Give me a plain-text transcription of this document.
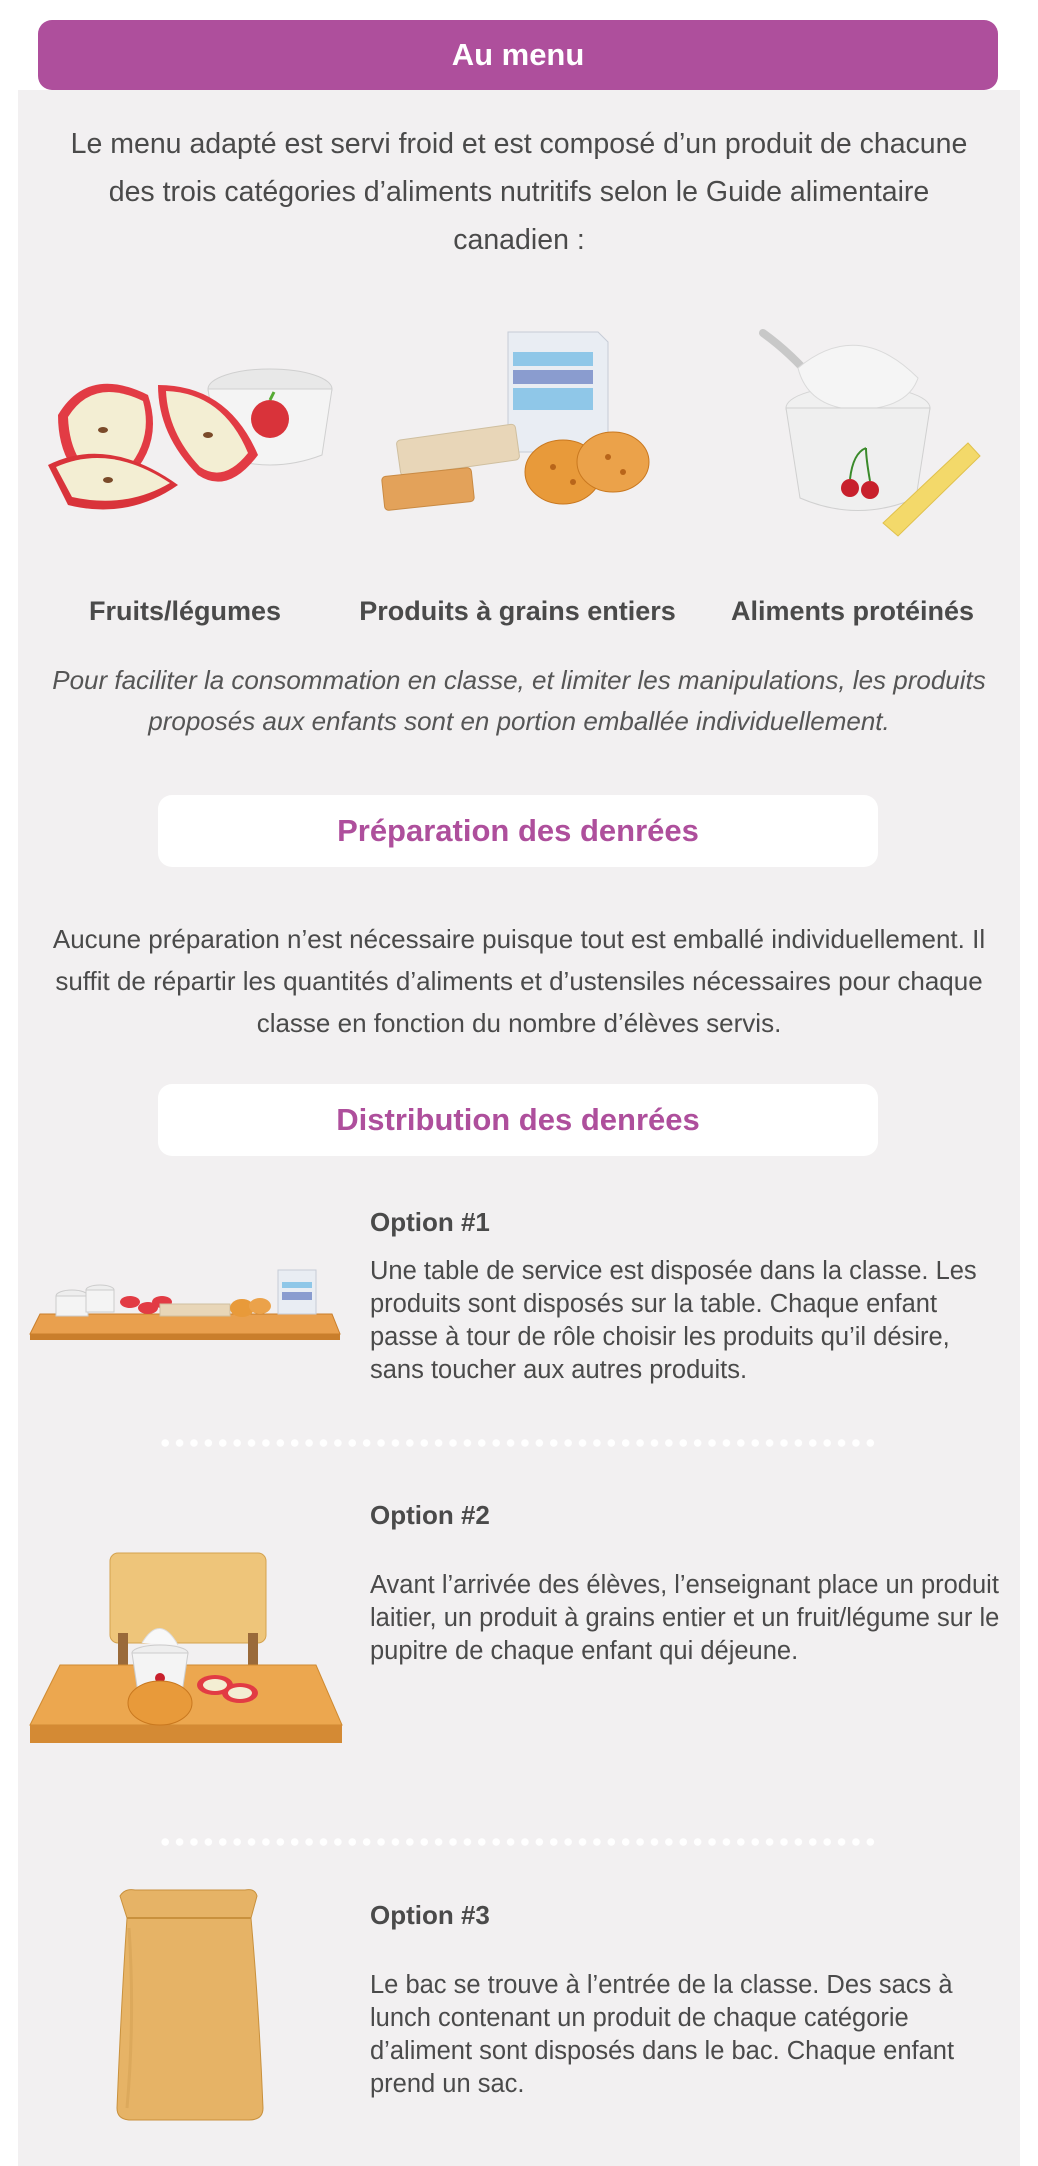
Au menu
Le menu adapté est servi froid et est composé d’un produit de chacune des trois catégories d’aliments nutritifs selon le Guide alimentaire canadien :
Fruits/légumes	Produits à grains entiers	Aliments protéinés
Pour faciliter la consommation en classe, et limiter les manipulations, les produits proposés aux enfants sont en portion emballée individuellement.
Préparation des denrées
Aucune préparation n’est nécessaire puisque tout est emballé individuellement. Il suffit de répartir les quantités d’aliments et d’ustensiles nécessaires pour chaque classe en fonction du nombre d’élèves servis.
Distribution des denrées
Option #1
Une table de service est disposée dans la classe. Les produits sont disposés sur la table. Chaque enfant passe à tour de rôle choisir les produits qu’il désire, sans toucher aux autres produits.
Option #2
Avant l’arrivée des élèves, l’enseignant place un produit laitier, un produit à grains entier et un fruit/légume sur le pupitre de chaque enfant qui déjeune.
Option #3
Le bac se trouve à l’entrée de la classe. Des sacs à lunch contenant un produit de chaque catégorie d’aliment sont disposés dans le bac. Chaque enfant prend un sac.
